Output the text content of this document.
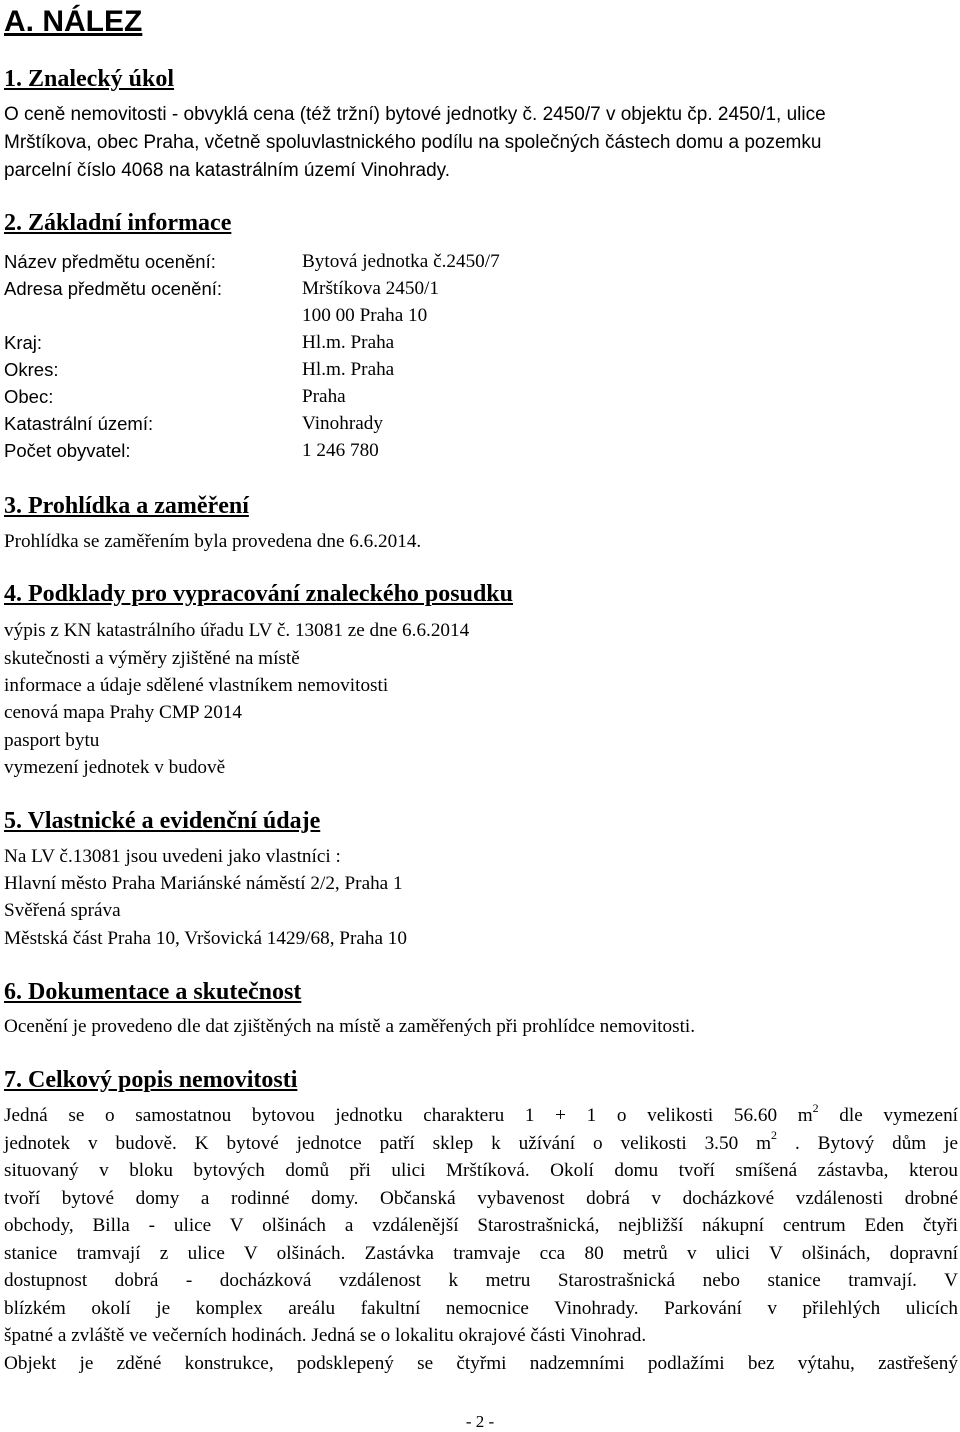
A. NÁLEZ
1. Znalecký úkol
O ceně nemovitosti - obvyklá cena (též tržní) bytové jednotky č. 2450/7 v objektu čp. 2450/1, ulice
Mrštíkova, obec Praha, včetně spoluvlastnického podílu na společných částech domu a pozemku
parcelní číslo 4068 na katastrálním území Vinohrady.
2. Základní informace
Název předmětu ocenění:	Bytová jednotka č.2450/7
Adresa předmětu ocenění:	Mrštíkova 2450/1
100 00 Praha 10
Kraj:	Hl.m. Praha
Okres:	Hl.m. Praha
Obec:	Praha
Katastrální území:	Vinohrady
Počet obyvatel:	1 246 780
3. Prohlídka a zaměření
Prohlídka se zaměřením byla provedena dne 6.6.2014.
4. Podklady pro vypracování znaleckého posudku
výpis z KN katastrálního úřadu LV č. 13081 ze dne 6.6.2014
skutečnosti a výměry zjištěné na místě
informace a údaje sdělené vlastníkem nemovitosti
cenová mapa Prahy CMP 2014
pasport bytu
vymezení jednotek v budově
5. Vlastnické a evidenční údaje
Na LV č.13081 jsou uvedeni jako vlastníci :
Hlavní město Praha Mariánské náměstí 2/2, Praha 1
Svěřená správa
Městská část Praha 10, Vršovická 1429/68, Praha 10
6. Dokumentace a skutečnost
Ocenění je provedeno dle dat zjištěných na místě a zaměřených při prohlídce nemovitosti.
7. Celkový popis nemovitosti
Jedná se o samostatnou bytovou jednotku charakteru 1 + 1 o velikosti 56.60 $m^2$ dle vymezení
jednotek v budově. K bytové jednotce patří sklep k užívání o velikosti 3.50 $m^2$ . Bytový dům je
situovaný v bloku bytových domů při ulici Mrštíková. Okolí domu tvoří smíšená zástavba, kterou
tvoří bytové domy a rodinné domy. Občanská vybavenost dobrá v docházkové vzdálenosti drobné
obchody, Billa - ulice V olšinách a vzdálenější Starostrašnická, nejbližší nákupní centrum Eden čtyři
stanice tramvají z ulice V olšinách. Zastávka tramvaje cca 80 metrů v ulici V olšinách, dopravní
dostupnost dobrá - docházková vzdálenost k metru Starostrašnická nebo stanice tramvají. V
blízkém okolí je komplex areálu fakultní nemocnice Vinohrady. Parkování v přilehlých ulicích
špatné a zvláště ve večerních hodinách. Jedná se o lokalitu okrajové části Vinohrad.
Objekt je zděné konstrukce, podsklepený se čtyřmi nadzemními podlažími bez výtahu, zastřešený
- 2 -
